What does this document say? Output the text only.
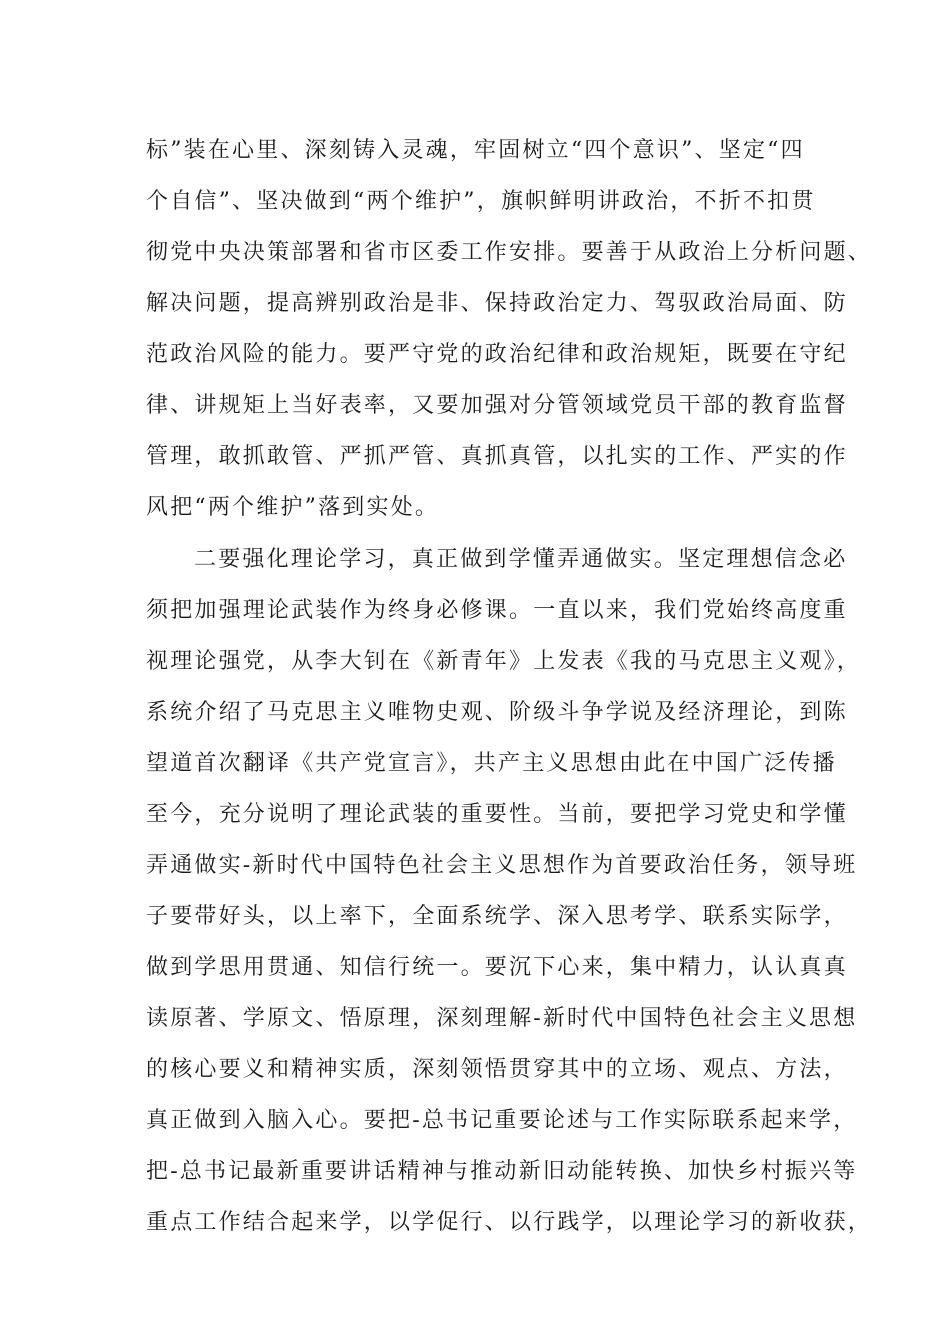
标”装在心里、深刻铸入灵魂，牢固树立“四个意识”、坚定“四

个自信”、坚决做到“两个维护”，旗帜鲜明讲政治，不折不扣贯

彻党中央决策部署和省市区委工作安排。要善于从政治上分析问题、

解决问题，提高辨别政治是非、保持政治定力、驾驭政治局面、防

范政治风险的能力。要严守党的政治纪律和政治规矩，既要在守纪

律、讲规矩上当好表率，又要加强对分管领域党员干部的教育监督

管理，敢抓敢管、严抓严管、真抓真管，以扎实的工作、严实的作

风把“两个维护”落到实处。

二要强化理论学习，真正做到学懂弄通做实。坚定理想信念必

须把加强理论武装作为终身必修课。一直以来，我们党始终高度重

视理论强党，从李大钊在《新青年》上发表《我的马克思主义观》，

系统介绍了马克思主义唯物史观、阶级斗争学说及经济理论，到陈

望道首次翻译《共产党宣言》，共产主义思想由此在中国广泛传播

至今，充分说明了理论武装的重要性。当前，要把学习党史和学懂

弄通做实-新时代中国特色社会主义思想作为首要政治任务，领导班

子要带好头，以上率下，全面系统学、深入思考学、联系实际学，

做到学思用贯通、知信行统一。要沉下心来，集中精力，认认真真

读原著、学原文、悟原理，深刻理解-新时代中国特色社会主义思想

的核心要义和精神实质，深刻领悟贯穿其中的立场、观点、方法，

真正做到入脑入心。要把-总书记重要论述与工作实际联系起来学，

把-总书记最新重要讲话精神与推动新旧动能转换、加快乡村振兴等

重点工作结合起来学，以学促行、以行践学，以理论学习的新收获，
